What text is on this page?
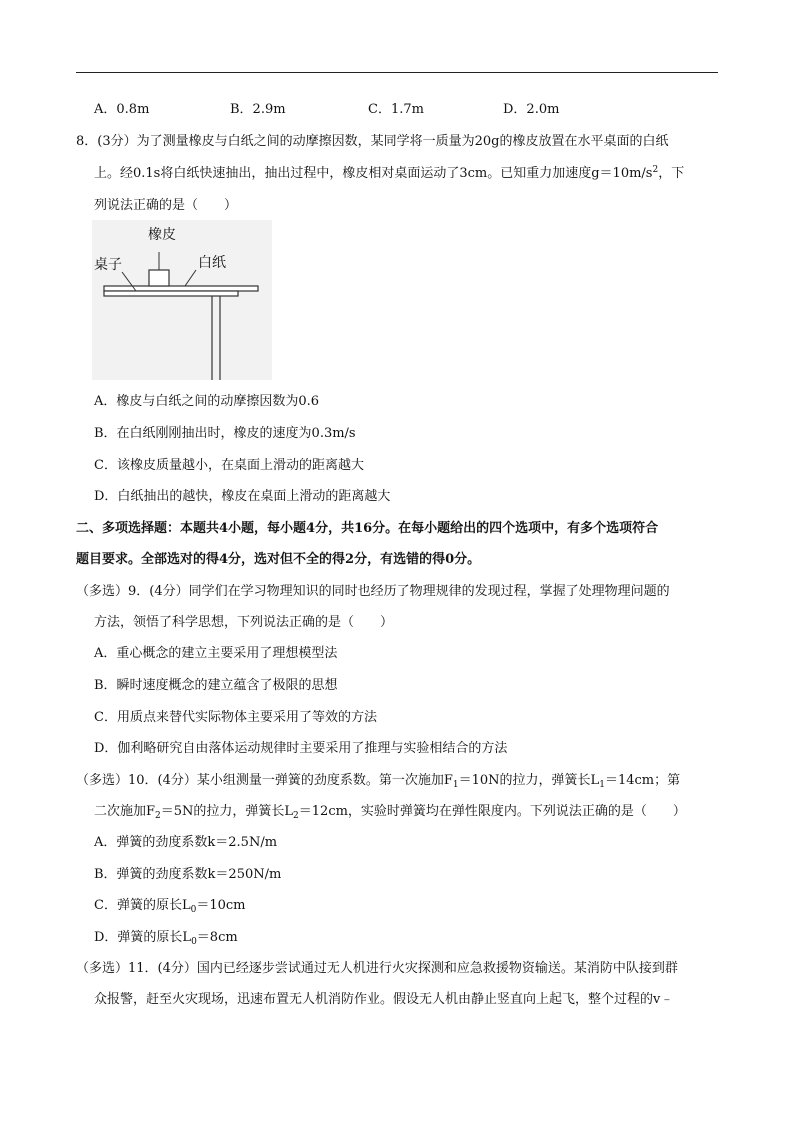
A．0.8m	B．2.9m	C．1.7m	D．2.0m
8．(3分）为了测量橡皮与白纸之间的动摩擦因数，某同学将一质量为20g的橡皮放置在水平桌面的白纸
上。经0.1s将白纸快速抽出，抽出过程中，橡皮相对桌面运动了3cm。已知重力加速度$g=10m/s^2$，下
列说法正确的是（　　）
橡皮
桌子	白纸
A．橡皮与白纸之间的动摩擦因数为0.6
B．在白纸刚刚抽出时，橡皮的速度为0.3m/s
C．该橡皮质量越小，在桌面上滑动的距离越大
D．白纸抽出的越快，橡皮在桌面上滑动的距离越大
二、多项选择题：本题共4小题，每小题4分，共16分。在每小题给出的四个选项中，有多个选项符合
题目要求。全部选对的得4分，选对但不全的得2分，有选错的得0分。
（多选）9．(4分）同学们在学习物理知识的同时也经历了物理规律的发现过程，掌握了处理物理问题的
方法，领悟了科学思想，下列说法正确的是（　　）
A．重心概念的建立主要采用了理想模型法
B．瞬时速度概念的建立蕴含了极限的思想
C．用质点来替代实际物体主要采用了等效的方法
D．伽利略研究自由落体运动规律时主要采用了推理与实验相结合的方法
（多选）10．(4分）某小组测量一弹簧的劲度系数。第一次施加$F_1=10N$的拉力，弹簧长$L_1=14cm$；第
二次施加$F_2=5N$的拉力，弹簧长$L_2=12cm$，实验时弹簧均在弹性限度内。下列说法正确的是（　　）
A．弹簧的劲度系数k＝2.5N/m
B．弹簧的劲度系数k＝250N/m
C．弹簧的原长$L_0=10cm$
D．弹簧的原长$L_0=8cm$
（多选）11．(4分）国内已经逐步尝试通过无人机进行火灾探测和应急救援物资输送。某消防中队接到群
众报警，赶至火灾现场，迅速布置无人机消防作业。假设无人机由静止竖直向上起飞，整个过程的v﹣
